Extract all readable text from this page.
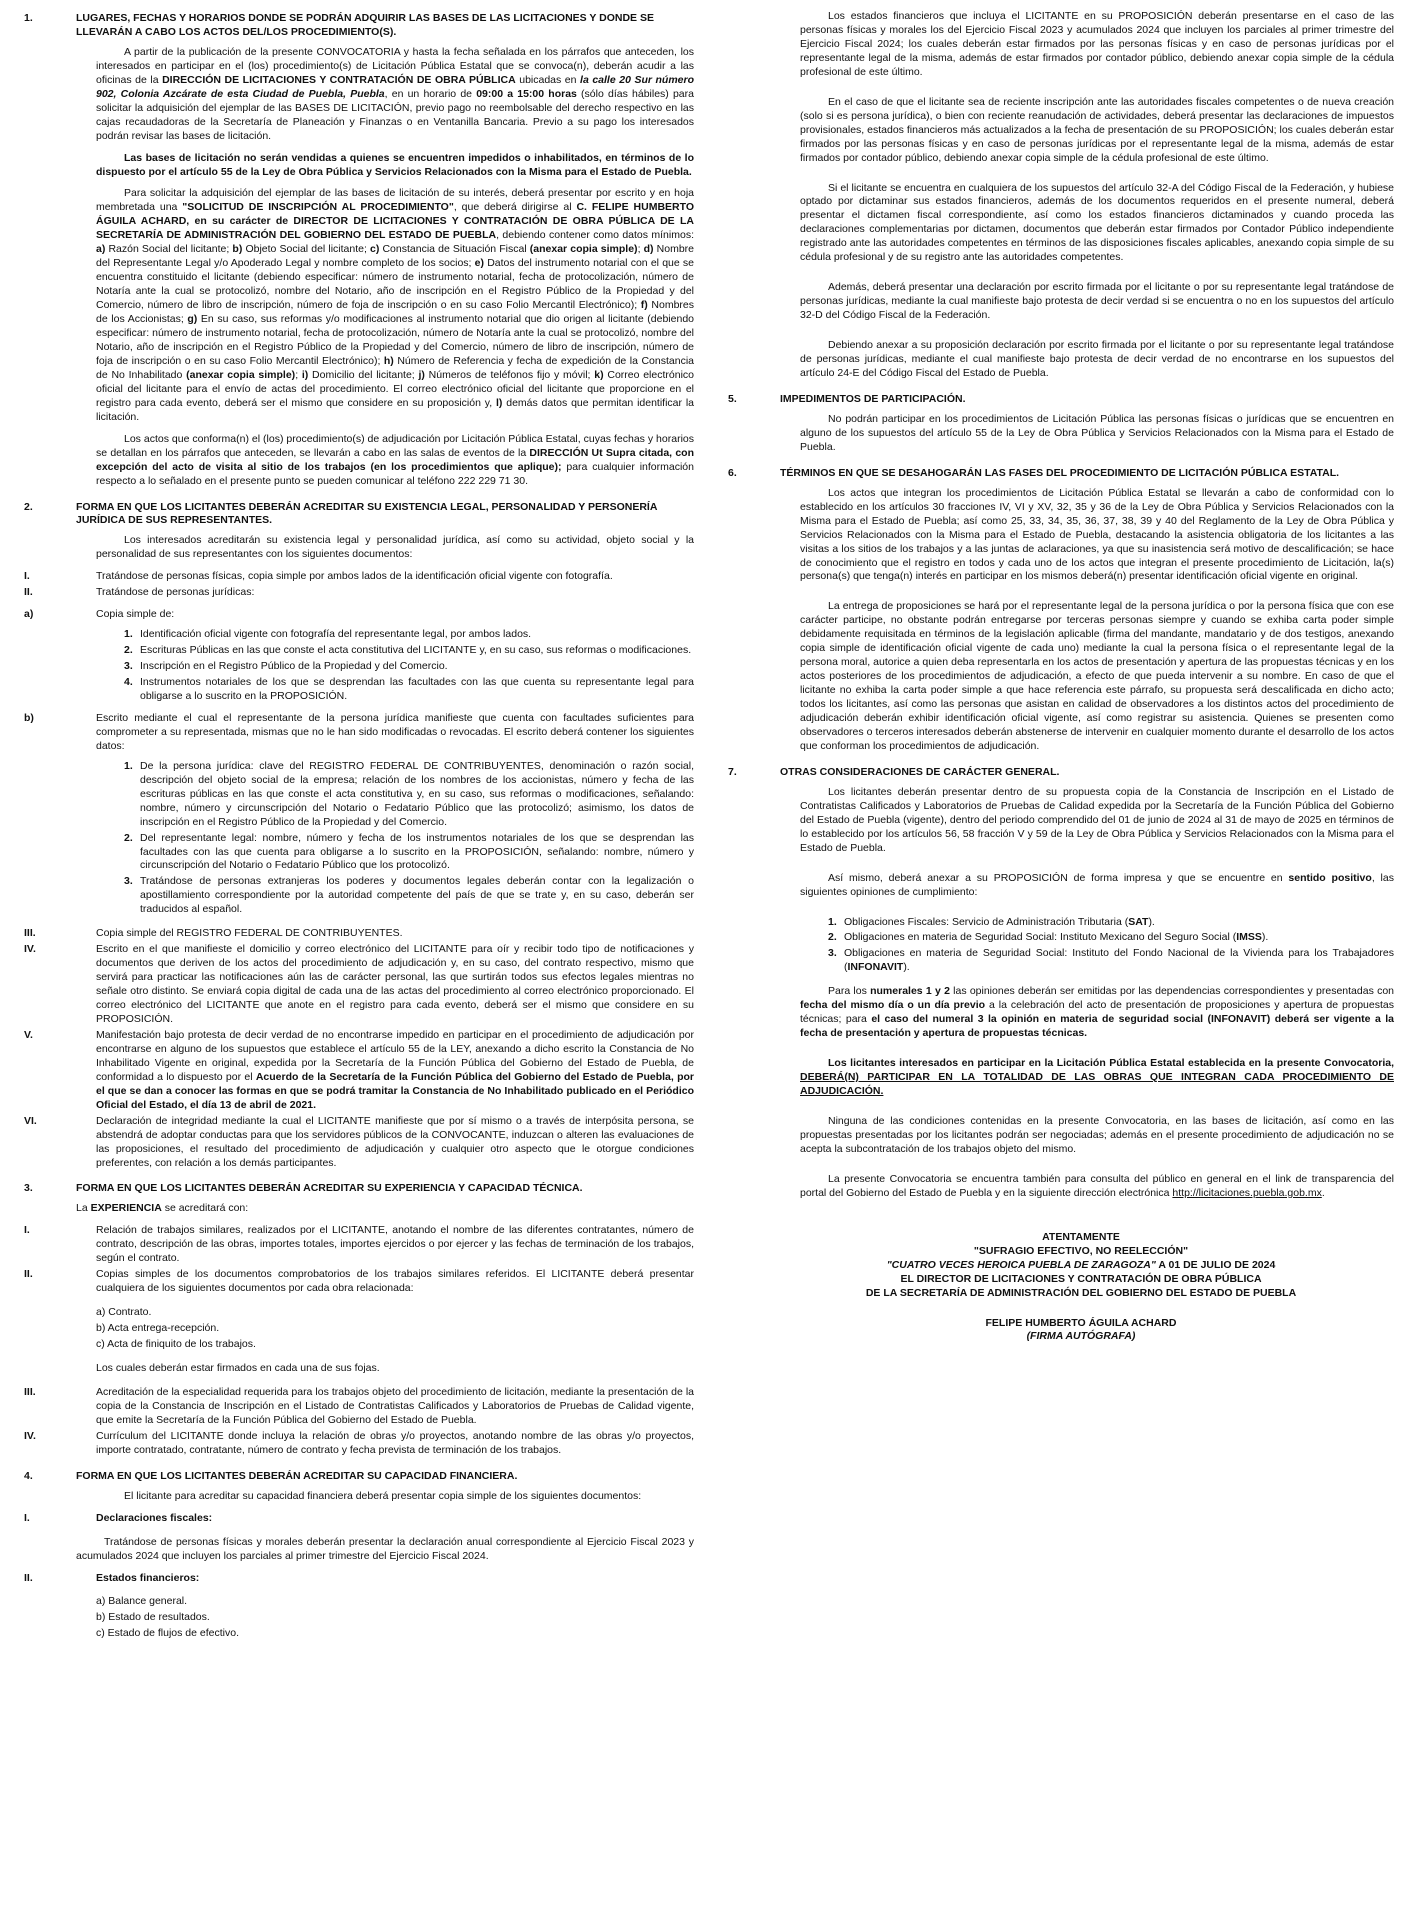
1.	LUGARES, FECHAS Y HORARIOS DONDE SE PODRÁN ADQUIRIR LAS BASES DE LAS LICITACIONES Y DONDE SE LLEVARÁN A CABO LOS ACTOS DEL/LOS PROCEDIMIENTO(S).

A partir de la publicación de la presente CONVOCATORIA y hasta la fecha señalada en los párrafos que anteceden, los interesados en participar en el (los) procedimiento(s) de Licitación Pública Estatal que se convoca(n), deberán acudir a las oficinas de la DIRECCIÓN DE LICITACIONES Y CONTRATACIÓN DE OBRA PÚBLICA ubicadas en la calle 20 Sur número 902, Colonia Azcárate de esta Ciudad de Puebla, Puebla, en un horario de 09:00 a 15:00 horas (sólo días hábiles) para solicitar la adquisición del ejemplar de las BASES DE LICITACIÓN, previo pago no reembolsable del derecho respectivo en las cajas recaudadoras de la Secretaría de Planeación y Finanzas o en Ventanilla Bancaria. Previo a su pago los interesados podrán revisar las bases de licitación.

Las bases de licitación no serán vendidas a quienes se encuentren impedidos o inhabilitados, en términos de lo dispuesto por el artículo 55 de la Ley de Obra Pública y Servicios Relacionados con la Misma para el Estado de Puebla.

Para solicitar la adquisición del ejemplar de las bases de licitación de su interés, deberá presentar por escrito y en hoja membretada una "SOLICITUD DE INSCRIPCIÓN AL PROCEDIMIENTO", que deberá dirigirse al C. FELIPE HUMBERTO ÁGUILA ACHARD, en su carácter de DIRECTOR DE LICITACIONES Y CONTRATACIÓN DE OBRA PÚBLICA DE LA SECRETARÍA DE ADMINISTRACIÓN DEL GOBIERNO DEL ESTADO DE PUEBLA, debiendo contener como datos mínimos: a) Razón Social del licitante; b) Objeto Social del licitante; c) Constancia de Situación Fiscal (anexar copia simple); d) Nombre del Representante Legal y/o Apoderado Legal y nombre completo de los socios; e) Datos del instrumento notarial con el que se encuentra constituido el licitante (debiendo especificar: número de instrumento notarial, fecha de protocolización, número de Notaría ante la cual se protocolizó, nombre del Notario, año de inscripción en el Registro Público de la Propiedad y del Comercio, número de libro de inscripción, número de foja de inscripción o en su caso Folio Mercantil Electrónico); f) Nombres de los Accionistas; g) En su caso, sus reformas y/o modificaciones al instrumento notarial que dio origen al licitante (debiendo especificar: número de instrumento notarial, fecha de protocolización, número de Notaría ante la cual se protocolizó, nombre del Notario, año de inscripción en el Registro Público de la Propiedad y del Comercio, número de libro de inscripción, número de foja de inscripción o en su caso Folio Mercantil Electrónico); h) Número de Referencia y fecha de expedición de la Constancia de No Inhabilitado (anexar copia simple); i) Domicilio del licitante; j) Números de teléfonos fijo y móvil; k) Correo electrónico oficial del licitante para el envío de actas del procedimiento. El correo electrónico oficial del licitante que proporcione en el registro para cada evento, deberá ser el mismo que considere en su proposición y, l) demás datos que permitan identificar la licitación.

Los actos que conforma(n) el (los) procedimiento(s) de adjudicación por Licitación Pública Estatal, cuyas fechas y horarios se detallan en los párrafos que anteceden, se llevarán a cabo en las salas de eventos de la DIRECCIÓN Ut Supra citada, con excepción del acto de visita al sitio de los trabajos (en los procedimientos que aplique); para cualquier información respecto a lo señalado en el presente punto se pueden comunicar al teléfono 222 229 71 30.

2.	FORMA EN QUE LOS LICITANTES DEBERÁN ACREDITAR SU EXISTENCIA LEGAL, PERSONALIDAD Y PERSONERÍA JURÍDICA DE SUS REPRESENTANTES.

Los interesados acreditarán su existencia legal y personalidad jurídica, así como su actividad, objeto social y la personalidad de sus representantes con los siguientes documentos:

I.	Tratándose de personas físicas, copia simple por ambos lados de la identificación oficial vigente con fotografía.
II.	Tratándose de personas jurídicas:
a)	Copia simple de:
1. Identificación oficial vigente con fotografía del representante legal, por ambos lados.
2. Escrituras Públicas en las que conste el acta constitutiva del LICITANTE y, en su caso, sus reformas o modificaciones.
3. Inscripción en el Registro Público de la Propiedad y del Comercio.
4. Instrumentos notariales de los que se desprendan las facultades con las que cuenta su representante legal para obligarse a lo suscrito en la PROPOSICIÓN.
b)	Escrito mediante el cual el representante de la persona jurídica manifieste que cuenta con facultades suficientes para comprometer a su representada, mismas que no le han sido modificadas o revocadas. El escrito deberá contener los siguientes datos:
1. De la persona jurídica: clave del REGISTRO FEDERAL DE CONTRIBUYENTES, denominación o razón social, descripción del objeto social de la empresa; relación de los nombres de los accionistas, número y fecha de las escrituras públicas en las que conste el acta constitutiva y, en su caso, sus reformas o modificaciones, señalando: nombre, número y circunscripción del Notario o Fedatario Público que las protocolizó; asimismo, los datos de inscripción en el Registro Público de la Propiedad y del Comercio.
2. Del representante legal: nombre, número y fecha de los instrumentos notariales de los que se desprendan las facultades con las que cuenta para obligarse a lo suscrito en la PROPOSICIÓN, señalando: nombre, número y circunscripción del Notario o Fedatario Público que los protocolizó.
3. Tratándose de personas extranjeras los poderes y documentos legales deberán contar con la legalización o apostillamiento correspondiente por la autoridad competente del país de que se trate y, en su caso, deberán ser traducidos al español.
III.	Copia simple del REGISTRO FEDERAL DE CONTRIBUYENTES.
IV.	Escrito en el que manifieste el domicilio y correo electrónico del LICITANTE para oír y recibir todo tipo de notificaciones y documentos que deriven de los actos del procedimiento de adjudicación y, en su caso, del contrato respectivo, mismo que servirá para practicar las notificaciones aún las de carácter personal, las que surtirán todos sus efectos legales mientras no señale otro distinto. Se enviará copia digital de cada una de las actas del procedimiento al correo electrónico proporcionado. El correo electrónico del LICITANTE que anote en el registro para cada evento, deberá ser el mismo que considere en su PROPOSICIÓN.
V.	Manifestación bajo protesta de decir verdad de no encontrarse impedido en participar en el procedimiento de adjudicación por encontrarse en alguno de los supuestos que establece el artículo 55 de la LEY, anexando a dicho escrito la Constancia de No Inhabilitado Vigente en original, expedida por la Secretaría de la Función Pública del Gobierno del Estado de Puebla, de conformidad a lo dispuesto por el Acuerdo de la Secretaría de la Función Pública del Gobierno del Estado de Puebla, por el que se dan a conocer las formas en que se podrá tramitar la Constancia de No Inhabilitado publicado en el Periódico Oficial del Estado, el día 13 de abril de 2021.
VI.	Declaración de integridad mediante la cual el LICITANTE manifieste que por sí mismo o a través de interpósita persona, se abstendrá de adoptar conductas para que los servidores públicos de la CONVOCANTE, induzcan o alteren las evaluaciones de las proposiciones, el resultado del procedimiento de adjudicación y cualquier otro aspecto que le otorgue condiciones preferentes, con relación a los demás participantes.
3.	FORMA EN QUE LOS LICITANTES DEBERÁN ACREDITAR SU EXPERIENCIA Y CAPACIDAD TÉCNICA.

La EXPERIENCIA se acreditará con:

I.	Relación de trabajos similares, realizados por el LICITANTE, anotando el nombre de las diferentes contratantes, número de contrato, descripción de las obras, importes totales, importes ejercidos o por ejercer y las fechas de terminación de los trabajos, según el contrato.
II.	Copias simples de los documentos comprobatorios de los trabajos similares referidos. El LICITANTE deberá presentar cualquiera de los siguientes documentos por cada obra relacionada:
a) Contrato.
b) Acta entrega-recepción.
c) Acta de finiquito de los trabajos.
Los cuales deberán estar firmados en cada una de sus fojas.
III.	Acreditación de la especialidad requerida para los trabajos objeto del procedimiento de licitación, mediante la presentación de la copia de la Constancia de Inscripción en el Listado de Contratistas Calificados y Laboratorios de Pruebas de Calidad vigente, que emite la Secretaría de la Función Pública del Gobierno del Estado de Puebla.
IV.	Currículum del LICITANTE donde incluya la relación de obras y/o proyectos, anotando nombre de las obras y/o proyectos, importe contratado, contratante, número de contrato y fecha prevista de terminación de los trabajos.
4.	FORMA EN QUE LOS LICITANTES DEBERÁN ACREDITAR SU CAPACIDAD FINANCIERA.

El licitante para acreditar su capacidad financiera deberá presentar copia simple de los siguientes documentos:

I.	Declaraciones fiscales:

Tratándose de personas físicas y morales deberán presentar la declaración anual correspondiente al Ejercicio Fiscal 2023 y acumulados 2024 que incluyen los parciales al primer trimestre del Ejercicio Fiscal 2024.

II.	Estados financieros:
a) Balance general.
b) Estado de resultados.
c) Estado de flujos de efectivo.

Los estados financieros que incluya el LICITANTE en su PROPOSICIÓN deberán presentarse en el caso de las personas físicas y morales los del Ejercicio Fiscal 2023 y acumulados 2024 que incluyen los parciales al primer trimestre del Ejercicio Fiscal 2024; los cuales deberán estar firmados por las personas físicas y en caso de personas jurídicas por el representante legal de la misma, además de estar firmados por contador público, debiendo anexar copia simple de la cédula profesional de este último.

En el caso de que el licitante sea de reciente inscripción ante las autoridades fiscales competentes o de nueva creación (solo si es persona jurídica), o bien con reciente reanudación de actividades, deberá presentar las declaraciones de impuestos provisionales, estados financieros más actualizados a la fecha de presentación de su PROPOSICIÓN; los cuales deberán estar firmados por las personas físicas y en caso de personas jurídicas por el representante legal de la misma, además de estar firmados por contador público, debiendo anexar copia simple de la cédula profesional de este último.

Si el licitante se encuentra en cualquiera de los supuestos del artículo 32-A del Código Fiscal de la Federación, y hubiese optado por dictaminar sus estados financieros, además de los documentos requeridos en el presente numeral, deberá presentar el dictamen fiscal correspondiente, así como los estados financieros dictaminados y cuando proceda las declaraciones complementarias por dictamen, documentos que deberán estar firmados por Contador Público independiente registrado ante las autoridades competentes en términos de las disposiciones fiscales aplicables, anexando copia simple de su cédula profesional y de su registro ante las autoridades competentes.

Además, deberá presentar una declaración por escrito firmada por el licitante o por su representante legal tratándose de personas jurídicas, mediante la cual manifieste bajo protesta de decir verdad si se encuentra o no en los supuestos del artículo 32-D del Código Fiscal de la Federación.

Debiendo anexar a su proposición declaración por escrito firmada por el licitante o por su representante legal tratándose de personas jurídicas, mediante el cual manifieste bajo protesta de decir verdad de no encontrarse en los supuestos del artículo 24-E del Código Fiscal del Estado de Puebla.

5.	IMPEDIMENTOS DE PARTICIPACIÓN.

No podrán participar en los procedimientos de Licitación Pública las personas físicas o jurídicas que se encuentren en alguno de los supuestos del artículo 55 de la Ley de Obra Pública y Servicios Relacionados con la Misma para el Estado de Puebla.

6.	TÉRMINOS EN QUE SE DESAHOGARÁN LAS FASES DEL PROCEDIMIENTO DE LICITACIÓN PÚBLICA ESTATAL.

Los actos que integran los procedimientos de Licitación Pública Estatal se llevarán a cabo de conformidad con lo establecido en los artículos 30 fracciones IV, VI y XV, 32, 35 y 36 de la Ley de Obra Pública y Servicios Relacionados con la Misma para el Estado de Puebla; así como 25, 33, 34, 35, 36, 37, 38, 39 y 40 del Reglamento de la Ley de Obra Pública y Servicios Relacionados con la Misma para el Estado de Puebla, destacando la asistencia obligatoria de los licitantes a las visitas a los sitios de los trabajos y a las juntas de aclaraciones, ya que su inasistencia será motivo de descalificación; se hace de conocimiento que el registro en todos y cada uno de los actos que integran el presente procedimiento de Licitación, la(s) persona(s) que tenga(n) interés en participar en los mismos deberá(n) presentar identificación oficial vigente en original.

La entrega de proposiciones se hará por el representante legal de la persona jurídica o por la persona física que con ese carácter participe, no obstante podrán entregarse por terceras personas siempre y cuando se exhiba carta poder simple debidamente requisitada en términos de la legislación aplicable (firma del mandante, mandatario y de dos testigos, anexando copia simple de identificación oficial vigente de cada uno) mediante la cual la persona física o el representante legal de la persona moral, autorice a quien deba representarla en los actos de presentación y apertura de las propuestas técnicas y en los actos posteriores de los procedimientos de adjudicación, a efecto de que pueda intervenir a su nombre. En caso de que el licitante no exhiba la carta poder simple a que hace referencia este párrafo, su propuesta será descalificada en dicho acto; todos los licitantes, así como las personas que asistan en calidad de observadores a los distintos actos del procedimiento de adjudicación deberán exhibir identificación oficial vigente, así como registrar su asistencia. Quienes se presenten como observadores o terceros interesados deberán abstenerse de intervenir en cualquier momento durante el desarrollo de los actos que conforman los procedimientos de adjudicación.

7.	OTRAS CONSIDERACIONES DE CARÁCTER GENERAL.

Los licitantes deberán presentar dentro de su propuesta copia de la Constancia de Inscripción en el Listado de Contratistas Calificados y Laboratorios de Pruebas de Calidad expedida por la Secretaría de la Función Pública del Gobierno del Estado de Puebla (vigente), dentro del periodo comprendido del 01 de junio de 2024 al 31 de mayo de 2025 en términos de lo establecido por los artículos 56, 58 fracción V y 59 de la Ley de Obra Pública y Servicios Relacionados con la Misma para el Estado de Puebla.

Así mismo, deberá anexar a su PROPOSICIÓN de forma impresa y que se encuentre en sentido positivo, las siguientes opiniones de cumplimiento:

1. Obligaciones Fiscales: Servicio de Administración Tributaria (SAT).
2. Obligaciones en materia de Seguridad Social: Instituto Mexicano del Seguro Social (IMSS).
3. Obligaciones en materia de Seguridad Social: Instituto del Fondo Nacional de la Vivienda para los Trabajadores (INFONAVIT).

Para los numerales 1 y 2 las opiniones deberán ser emitidas por las dependencias correspondientes y presentadas con fecha del mismo día o un día previo a la celebración del acto de presentación de proposiciones y apertura de propuestas técnicas; para el caso del numeral 3 la opinión en materia de seguridad social (INFONAVIT) deberá ser vigente a la fecha de presentación y apertura de propuestas técnicas.

Los licitantes interesados en participar en la Licitación Pública Estatal establecida en la presente Convocatoria, DEBERÁ(N) PARTICIPAR EN LA TOTALIDAD DE LAS OBRAS QUE INTEGRAN CADA PROCEDIMIENTO DE ADJUDICACIÓN.

Ninguna de las condiciones contenidas en la presente Convocatoria, en las bases de licitación, así como en las propuestas presentadas por los licitantes podrán ser negociadas; además en el presente procedimiento de adjudicación no se acepta la subcontratación de los trabajos objeto del mismo.

La presente Convocatoria se encuentra también para consulta del público en general en el link de transparencia del portal del Gobierno del Estado de Puebla y en la siguiente dirección electrónica http://licitaciones.puebla.gob.mx.

ATENTAMENTE
"SUFRAGIO EFECTIVO, NO REELECCIÓN"
"CUATRO VECES HEROICA PUEBLA DE ZARAGOZA" A 01 DE JULIO DE 2024
EL DIRECTOR DE LICITACIONES Y CONTRATACIÓN DE OBRA PÚBLICA
DE LA SECRETARÍA DE ADMINISTRACIÓN DEL GOBIERNO DEL ESTADO DE PUEBLA
FELIPE HUMBERTO ÁGUILA ACHARD
(FIRMA AUTÓGRAFA)
